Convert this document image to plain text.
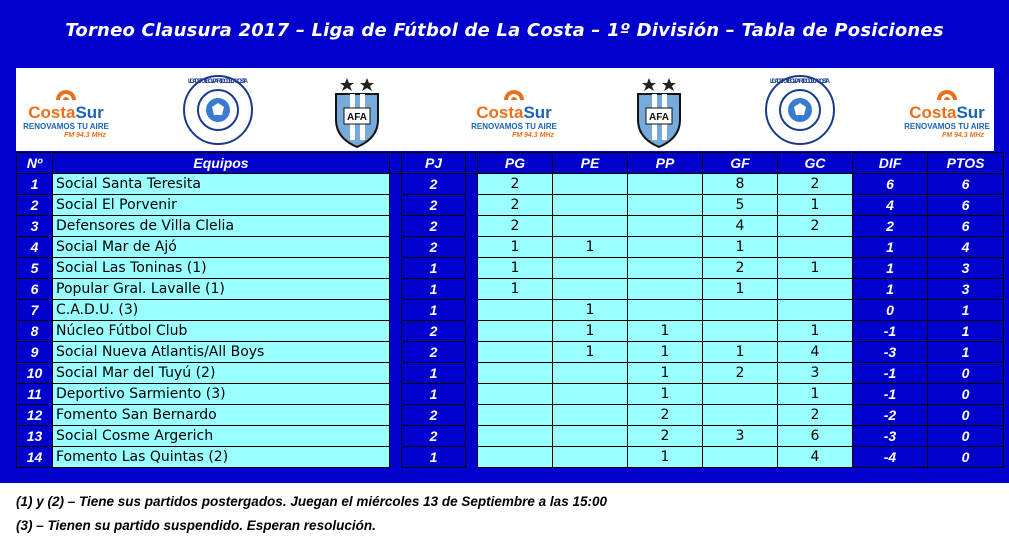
Torneo Clausura 2017 – Liga de Fútbol de La Costa – 1º División – Tabla de Posiciones
CostaSur
RENOVAMOS TU AIRE
FM 94.3 MHz
LIGA DE FUTBOL - PARTIDO DE LA COSTA
AFA	CostaSur
RENOVAMOS TU AIRE
FM 94.3 MHz
AFA
LIGA DE FUTBOL - PARTIDO DE LA COSTA
CostaSur
RENOVAMOS TU AIRE
FM 94.3 MHz
Nº	Equipos		PJ		PG	PE	PP	GF	GC	DIF	PTOS
1	Social Santa Teresita		2		2			8	2	6	6
2	Social El Porvenir		2		2			5	1	4	6
3	Defensores de Villa Clelia		2		2			4	2	2	6
4	Social Mar de Ajó		2		1	1		1		1	4
5	Social Las Toninas (1)		1		1			2	1	1	3
6	Popular Gral. Lavalle (1)		1		1			1		1	3
7	C.A.D.U. (3)		1			1				0	1
8	Núcleo Fútbol Club		2			1	1		1	-1	1
9	Social Nueva Atlantis/All Boys		2			1	1	1	4	-3	1
10	Social Mar del Tuyú (2)		1				1	2	3	-1	0
11	Deportivo Sarmiento (3)		1				1		1	-1	0
12	Fomento San Bernardo		2				2		2	-2	0
13	Social Cosme Argerich		2				2	3	6	-3	0
14	Fomento Las Quintas (2)		1				1		4	-4	0
(1) y (2) – Tiene sus partidos postergados. Juegan el miércoles 13 de Septiembre a las 15:00
(3) – Tienen su partido suspendido. Esperan resolución.
